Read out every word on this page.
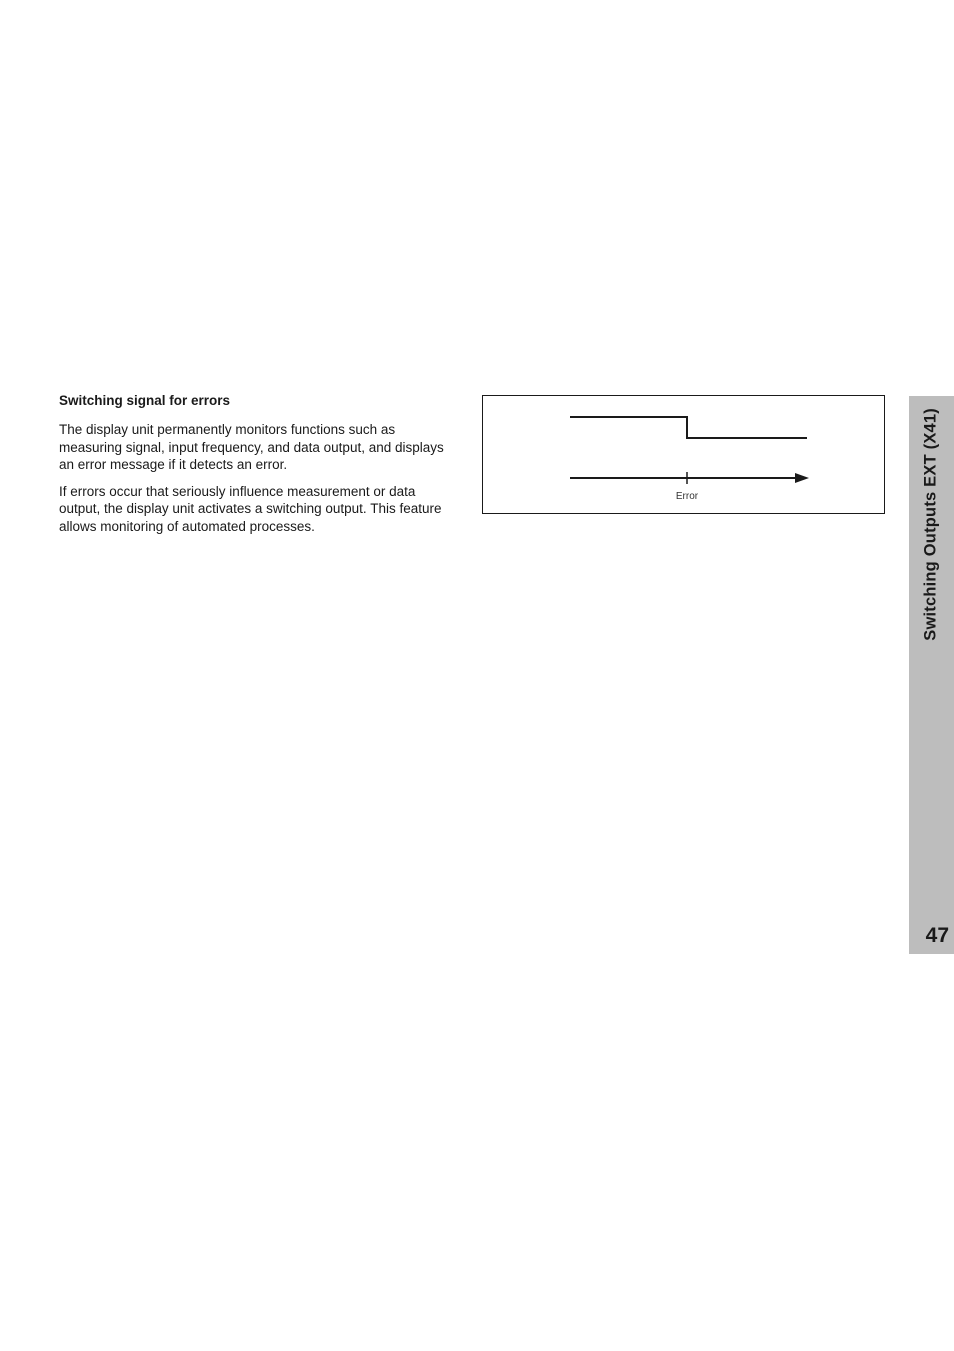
Switching signal for errors

The display unit permanently monitors functions such as measuring signal, input frequency, and data output, and displays an error message if it detects an error.

If errors occur that seriously influence measurement or data output, the display unit activates a switching output. This feature allows monitoring of automated processes.

Error	Switching Outputs EXT (X41)
47
